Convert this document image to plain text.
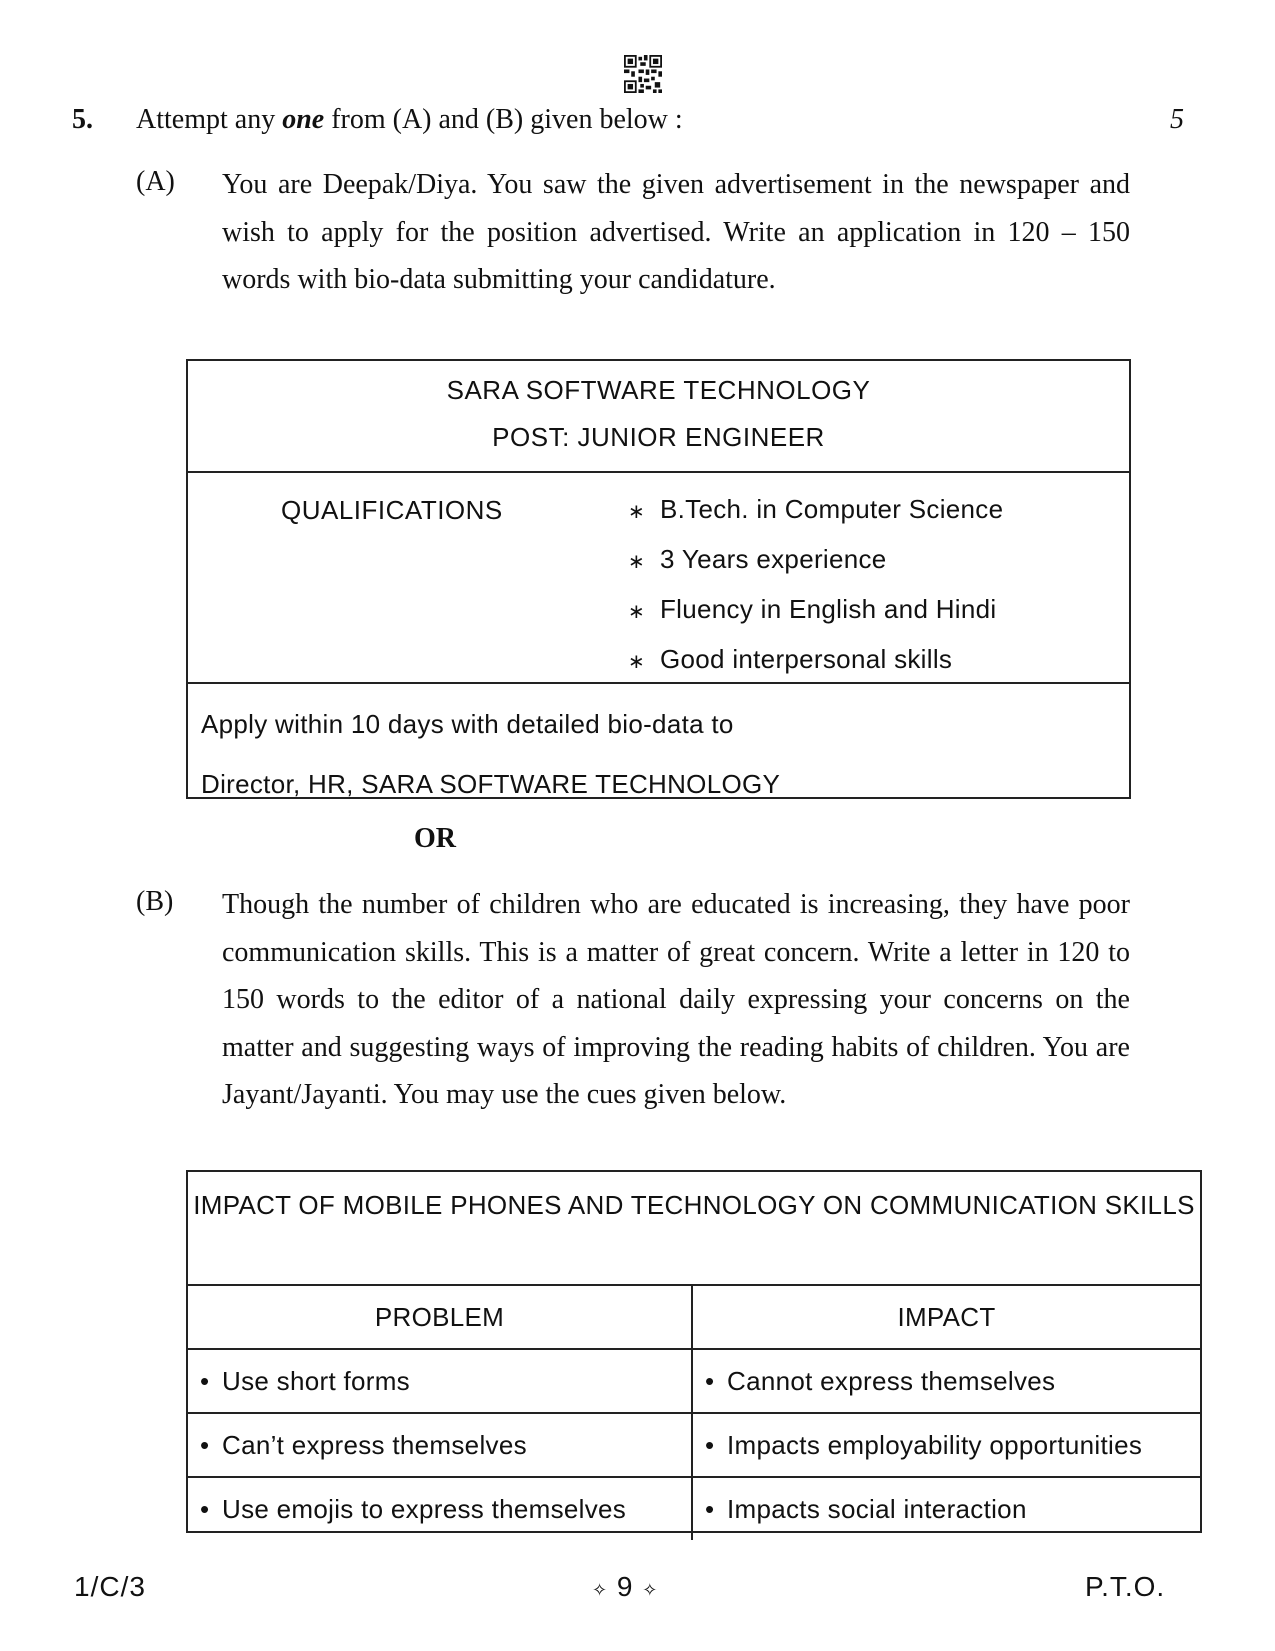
5. Attempt any one from (A) and (B) given below :	5
(A) You are Deepak/Diya. You saw the given advertisement in the newspaper and wish to apply for the position advertised. Write an application in 120 – 150 words with bio-data submitting your candidature.
SARA SOFTWARE TECHNOLOGY
POST: JUNIOR ENGINEER
QUALIFICATIONS	∗ B.Tech. in Computer Science
∗ 3 Years experience
∗ Fluency in English and Hindi
∗ Good interpersonal skills
Apply within 10 days with detailed bio-data to
Director, HR, SARA SOFTWARE TECHNOLOGY
OR
(B) Though the number of children who are educated is increasing, they have poor communication skills. This is a matter of great concern. Write a letter in 120 to 150 words to the editor of a national daily expressing your concerns on the matter and suggesting ways of improving the reading habits of children. You are Jayant/Jayanti. You may use the cues given below.
IMPACT OF MOBILE PHONES AND TECHNOLOGY ON COMMUNICATION SKILLS
PROBLEM	IMPACT
• Use short forms	• Cannot express themselves
• Can’t express themselves	• Impacts employability opportunities
• Use emojis to express themselves	• Impacts social interaction
1/C/3	✧ 9 ✧	P.T.O.
